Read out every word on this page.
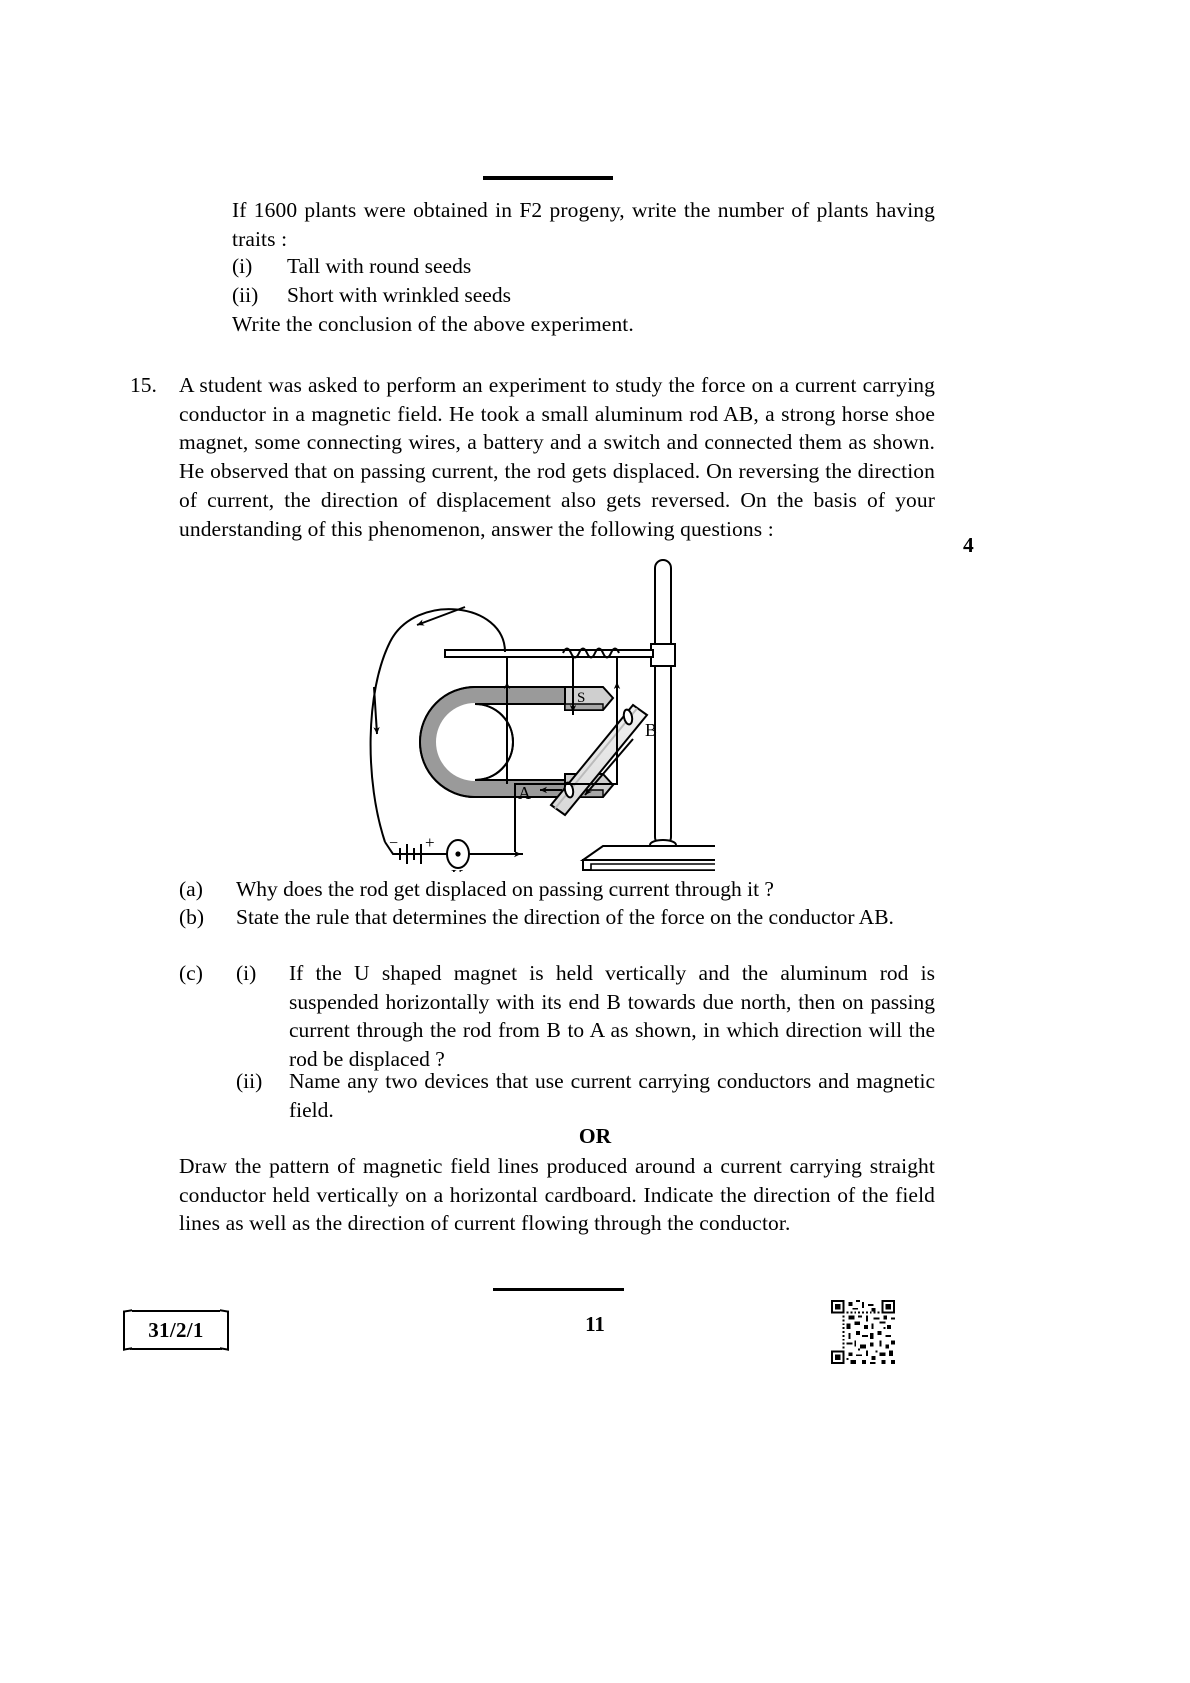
If 1600 plants were obtained in F2 progeny, write the number of plants having traits :
(i) Tall with round seeds
(ii) Short with wrinkled seeds
Write the conclusion of the above experiment.
15. A student was asked to perform an experiment to study the force on a current carrying conductor in a magnetic field. He took a small aluminum rod AB, a strong horse shoe magnet, some connecting wires, a battery and a switch and connected them as shown. He observed that on passing current, the rod gets displaced. On reversing the direction of current, the direction of displacement also gets reversed. On the basis of your understanding of this phenomenon, answer the following questions :
4
S
B
A
− +
(a) Why does the rod get displaced on passing current through it ?
(b) State the rule that determines the direction of the force on the conductor AB.
(c) (i) If the U shaped magnet is held vertically and the aluminum rod is suspended horizontally with its end B towards due north, then on passing current through the rod from B to A as shown, in which direction will the rod be displaced ?
(ii) Name any two devices that use current carrying conductors and magnetic field.
OR
Draw the pattern of magnetic field lines produced around a current carrying straight conductor held vertically on a horizontal cardboard. Indicate the direction of the field lines as well as the direction of current flowing through the conductor.
31/2/1	11
